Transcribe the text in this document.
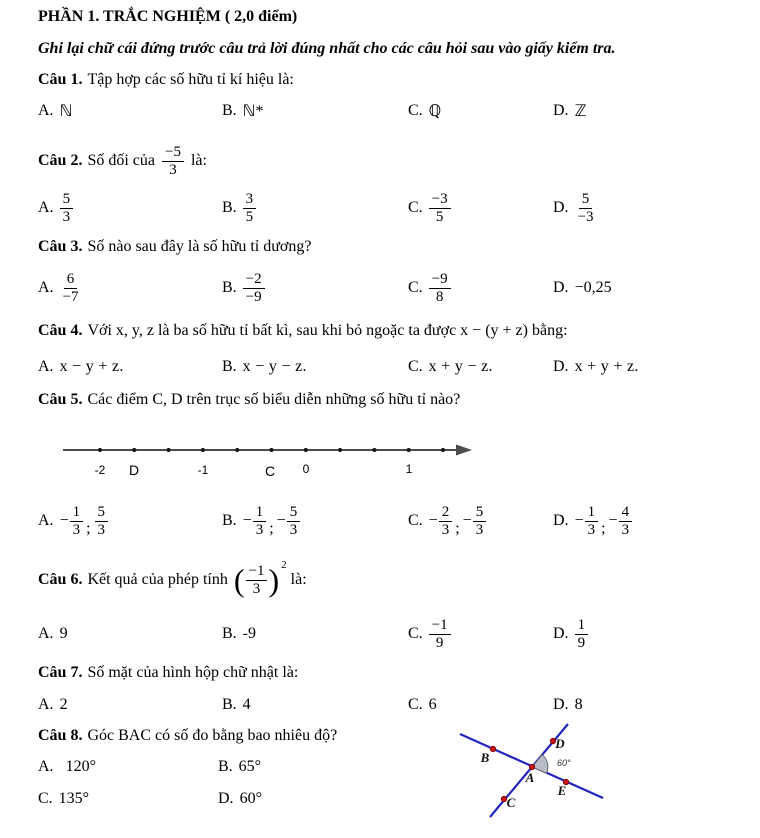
PHẦN 1. TRẮC NGHIỆM ( 2,0 điểm)
Ghi lại chữ cái đứng trước câu trả lời đúng nhất cho các câu hỏi sau vào giấy kiểm tra.
Câu 1. Tập hợp các số hữu tỉ kí hiệu là:
A. ℕ	B. ℕ*	C. ℚ	D. ℤ
Câu 2. Số đối của $\frac{-5}{3}$ là:
A. $\frac{5}{3}$	B. $\frac{3}{5}$	C. $\frac{-3}{5}$	D. $\frac{5}{-3}$
Câu 3. Số nào sau đây là số hữu tỉ dương?
A. $\frac{6}{-7}$	B. $\frac{-2}{-9}$	C. $\frac{-9}{8}$	D. −0,25
Câu 4. Với x, y, z là ba số hữu tỉ bất kì, sau khi bỏ ngoặc ta được x − (y + z) bằng:
A. x − y + z.	B. x − y − z.	C. x + y − z.	D. x + y + z.
Câu 5. Các điểm C, D trên trục số biểu diễn những số hữu tỉ nào?
-2 D	-1	C 0	1
A. − $\frac{1}{3}$ ; $\frac{5}{3}$	B. − $\frac{1}{3}$ ; − $\frac{5}{3}$	C. − $\frac{2}{3}$ ; − $\frac{5}{3}$	D. − $\frac{1}{3}$ ; − $\frac{4}{3}$
Câu 6. Kết quả của phép tính ( $\frac{-1}{3}$ ) 2
là:
A. 9	B. -9	C. $\frac{-1}{9}$	D. $\frac{1}{9}$
Câu 7. Số mặt của hình hộp chữ nhật là:
A. 2	B. 4	C. 6	D. 8
Câu 8. Góc BAC có số đo bằng bao nhiêu độ?
A. 120°	B. 65°
C. 135°	D. 60°
B
D
A
E
C
60°
